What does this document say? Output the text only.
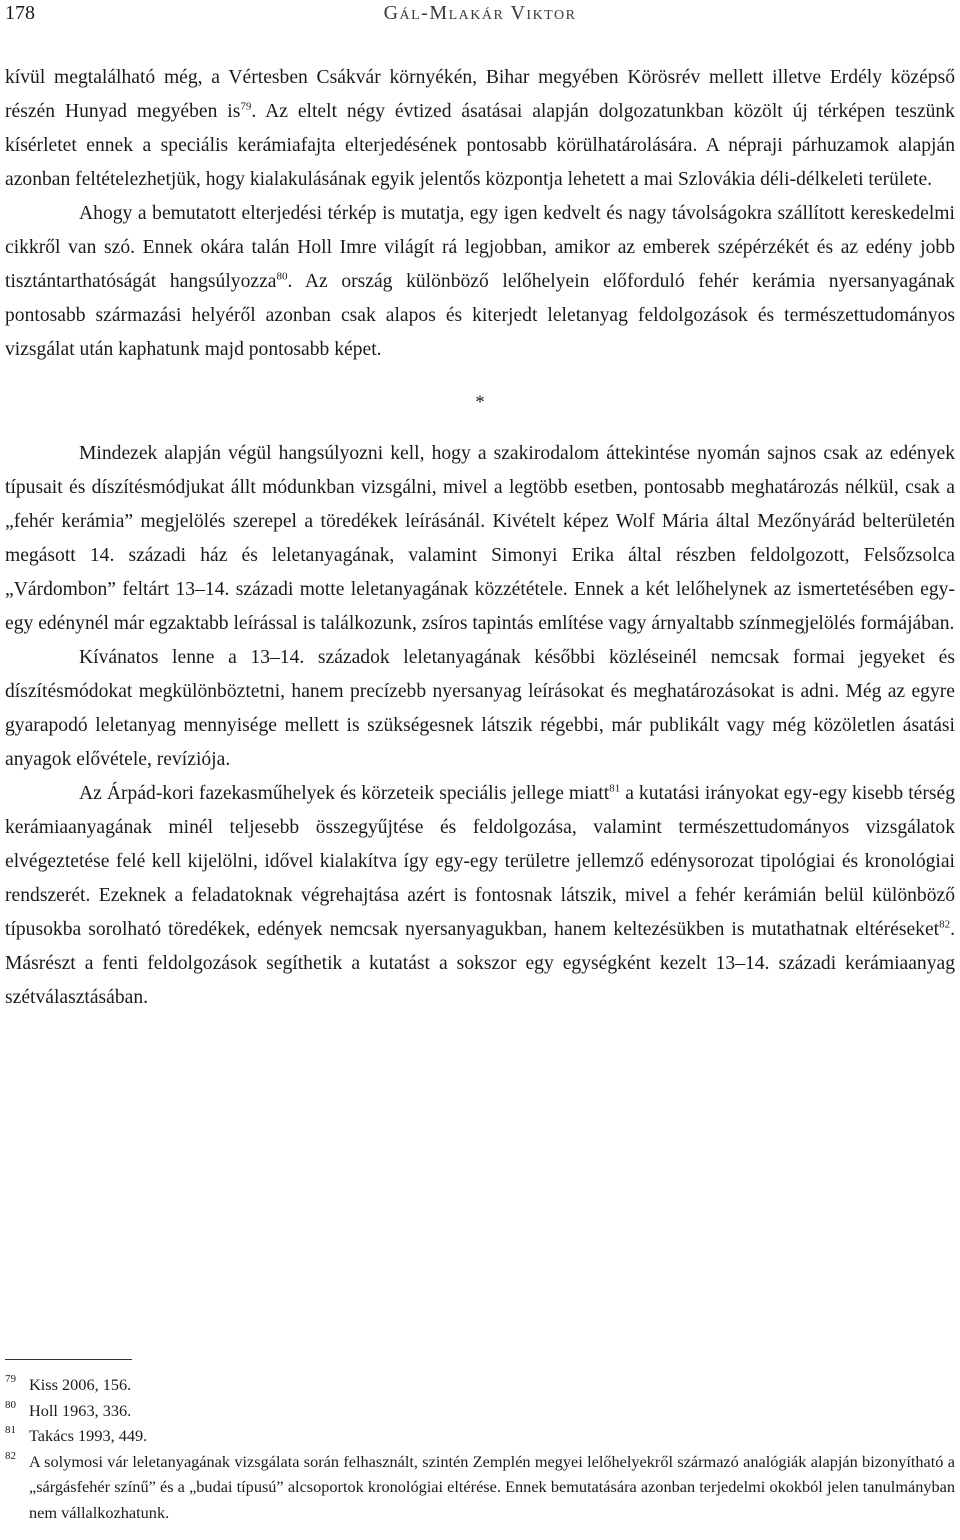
178	Gál-Mlakár Viktor

kívül megtalálható még, a Vértesben Csákvár környékén, Bihar megyében Körösrév mellett illetve Erdély középső részén Hunyad megyében $is^{79}$. Az eltelt négy évtized ásatásai alapján dolgozatunkban közölt új térképen teszünk kísérletet ennek a speciális kerámiafajta elterjedésének pontosabb körülhatárolására. A népraji párhuzamok alapján azonban feltételezhetjük, hogy kialakulásának egyik jelentős központja lehetett a mai Szlovákia déli-délkeleti területe.

Ahogy a bemutatott elterjedési térkép is mutatja, egy igen kedvelt és nagy távolságokra szállított kereskedelmi cikkről van szó. Ennek okára talán Holl Imre világít rá legjobban, amikor az emberek szépérzékét és az edény jobb tisztántarthatóságát hangsúlyozza$^{80}$. Az ország különböző lelőhelyein előforduló fehér kerámia nyersanyagának pontosabb származási helyéről azonban csak alapos és kiterjedt leletanyag feldolgozások és természettudományos vizsgálat után kaphatunk majd pontosabb képet.

*

Mindezek alapján végül hangsúlyozni kell, hogy a szakirodalom áttekintése nyomán sajnos csak az edények típusait és díszítésmódjukat állt módunkban vizsgálni, mivel a legtöbb esetben, pontosabb meghatározás nélkül, csak a „fehér kerámia” megjelölés szerepel a töredékek leírásánál. Kivételt képez Wolf Mária által Mezőnyárád belterületén megásott 14. századi ház és leletanyagának, valamint Simonyi Erika által részben feldolgozott, Felsőzsolca „Várdombon” feltárt 13–14. századi motte leletanyagának közzététele. Ennek a két lelőhelynek az ismertetésében egy-egy edénynél már egzaktabb leírással is találkozunk, zsíros tapintás említése vagy árnyaltabb színmegjelölés formájában.

Kívánatos lenne a 13–14. századok leletanyagának későbbi közléseinél nemcsak formai jegyeket és díszítésmódokat megkülönböztetni, hanem precízebb nyersanyag leírásokat és meghatározásokat is adni. Még az egyre gyarapodó leletanyag mennyisége mellett is szükségesnek látszik régebbi, már publikált vagy még közöletlen ásatási anyagok elővétele, revíziója.

Az Árpád-kori fazekasműhelyek és körzeteik speciális jellege miatt$^{81}$ a kutatási irányokat egy-egy kisebb térség kerámiaanyagának minél teljesebb összegyűjtése és feldolgozása, valamint természettudományos vizsgálatok elvégeztetése felé kell kijelölni, idővel kialakítva így egy-egy területre jellemző edénysorozat tipológiai és kronológiai rendszerét. Ezeknek a feladatoknak végrehajtása azért is fontosnak látszik, mivel a fehér kerámián belül különböző típusokba sorolható töredékek, edények nemcsak nyersanyagukban, hanem keltezésükben is mutathatnak eltéréseket$^{82}$. Másrészt a fenti feldolgozások segíthetik a kutatást a sokszor egy egységként kezelt 13–14. századi kerámiaanyag szétválasztásában.

79 Kiss 2006, 156.
80 Holl 1963, 336.
81 Takács 1993, 449.
82 A solymosi vár leletanyagának vizsgálata során felhasznált, szintén Zemplén megyei lelőhelyekről származó analógiák alapján bizonyítható a „sárgásfehér színű” és a „budai típusú” alcsoportok kronológiai eltérése. Ennek bemutatására azonban terjedelmi okokból jelen tanulmányban nem vállalkozhatunk.
